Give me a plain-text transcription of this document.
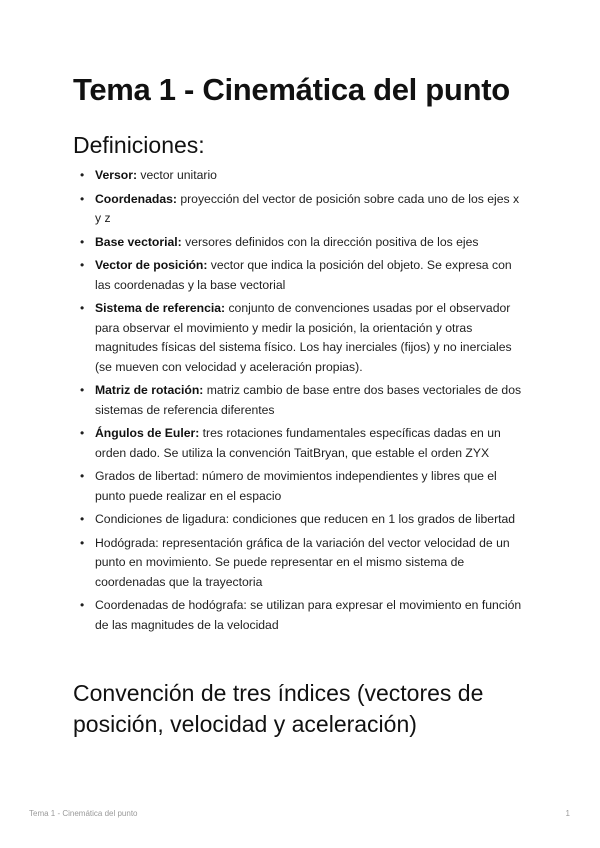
Tema 1 - Cinemática del punto
Definiciones:
• Versor: vector unitario
• Coordenadas: proyección del vector de posición sobre cada uno de los ejes x y z
• Base vectorial: versores definidos con la dirección positiva de los ejes
• Vector de posición: vector que indica la posición del objeto. Se expresa con las coordenadas y la base vectorial
• Sistema de referencia: conjunto de convenciones usadas por el observador para observar el movimiento y medir la posición, la orientación y otras magnitudes físicas del sistema físico. Los hay inerciales (fijos) y no inerciales (se mueven con velocidad y aceleración propias).
• Matriz de rotación: matriz cambio de base entre dos bases vectoriales de dos sistemas de referencia diferentes
• Ángulos de Euler: tres rotaciones fundamentales específicas dadas en un orden dado. Se utiliza la convención TaitBryan, que estable el orden ZYX
• Grados de libertad: número de movimientos independientes y libres que el punto puede realizar en el espacio
• Condiciones de ligadura: condiciones que reducen en 1 los grados de libertad
• Hodógrada: representación gráfica de la variación del vector velocidad de un punto en movimiento. Se puede representar en el mismo sistema de coordenadas que la trayectoria
• Coordenadas de hodógrafa: se utilizan para expresar el movimiento en función de las magnitudes de la velocidad
Convención de tres índices (vectores de posición, velocidad y aceleración)
Tema 1 - Cinemática del punto	1
